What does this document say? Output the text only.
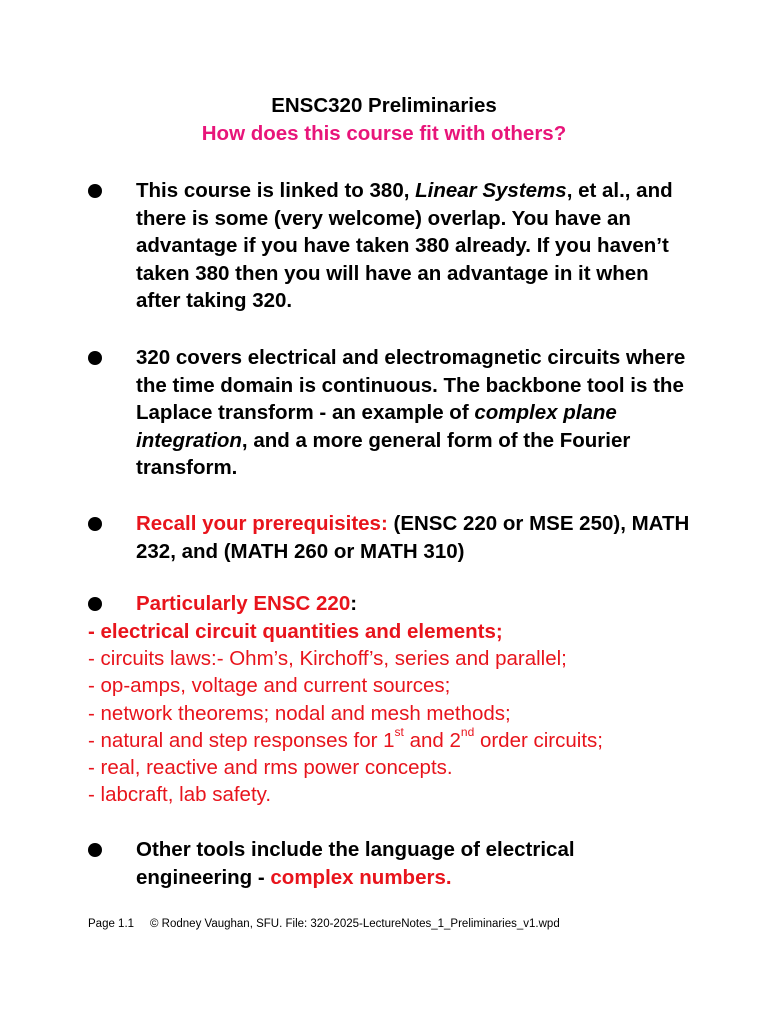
ENSC320 Preliminaries
How does this course fit with others?
This course is linked to 380, Linear Systems, et al., and there is some (very welcome) overlap. You have an advantage if you have taken 380 already. If you haven’t taken 380 then you will have an advantage in it when after taking 320.
320 covers electrical and electromagnetic circuits where the time domain is continuous. The backbone tool is the Laplace transform - an example of complex plane integration, and a more general form of the Fourier transform.
Recall your prerequisites: (ENSC 220 or MSE 250), MATH 232, and (MATH 260 or MATH 310)
Particularly ENSC 220:
- electrical circuit quantities and elements;
- circuits laws:- Ohm’s, Kirchoff’s, series and parallel;
- op-amps, voltage and current sources;
- network theorems; nodal and mesh methods;
- natural and step responses for 1st and 2nd order circuits;
- real, reactive and rms power concepts.
- labcraft, lab safety.
Other tools include the language of electrical engineering - complex numbers.
Page 1.1     © Rodney Vaughan, SFU. File: 320-2025-LectureNotes_1_Preliminaries_v1.wpd
